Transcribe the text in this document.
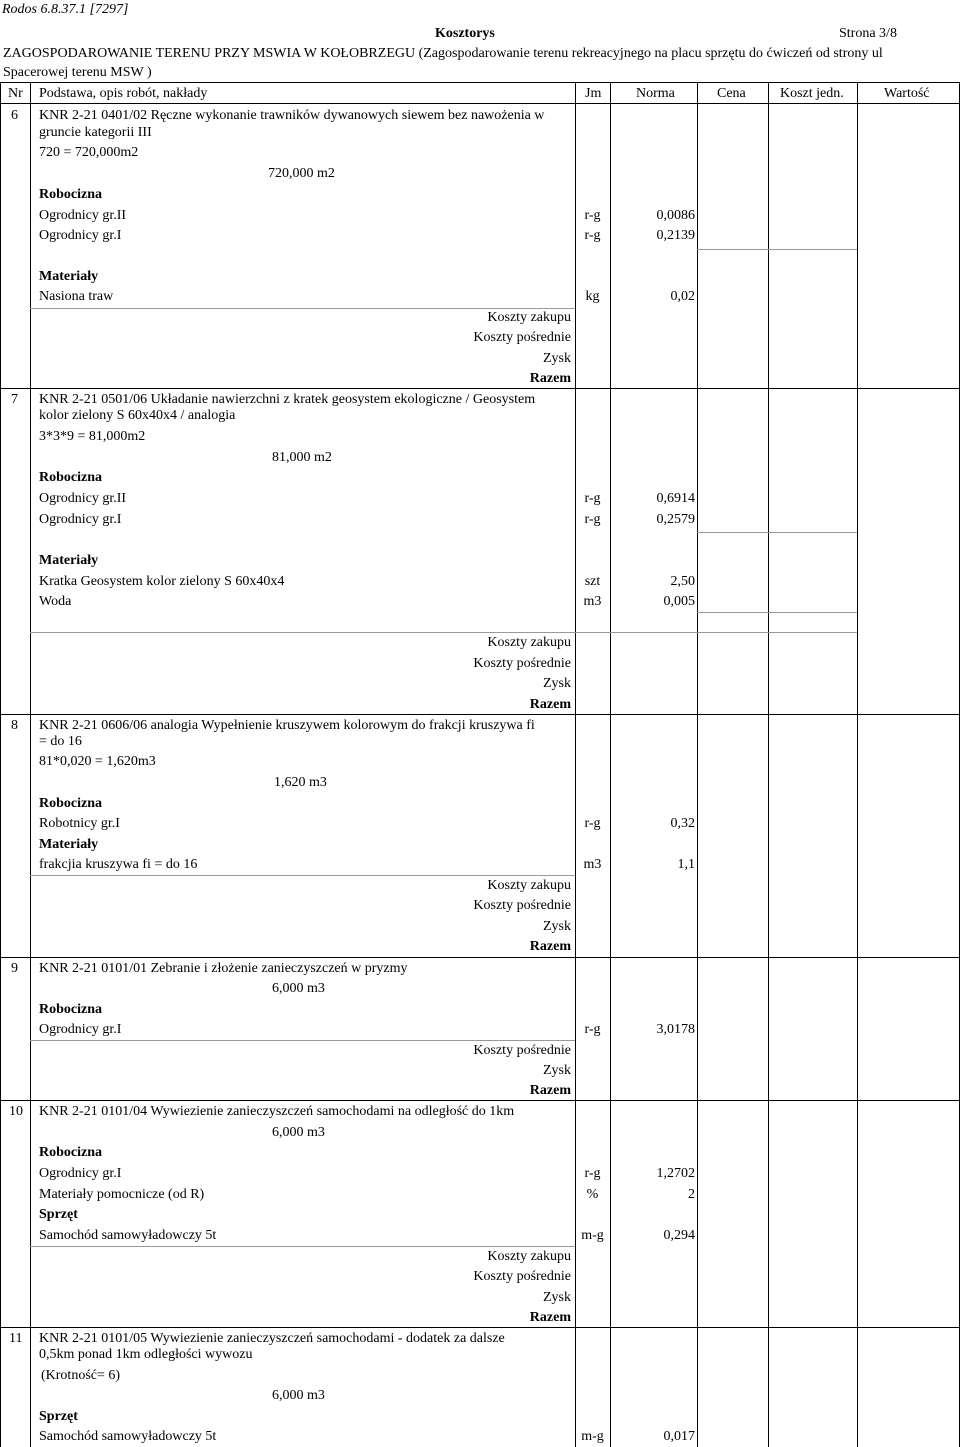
Rodos 6.8.37.1 [7297]
Kosztorys	Strona 3/8
ZAGOSPODAROWANIE TERENU PRZY MSWIA W KOŁOBRZEGU (Zagospodarowanie terenu rekreacyjnego na placu sprzętu do ćwiczeń od strony ul
Spacerowej terenu MSW )
Nr Podstawa, opis robót, nakłady	Jm Norma	Cena Koszt jedn.	Wartość
6 KNR 2-21 0401/02 Ręczne wykonanie trawników dywanowych siewem bez nawożenia w
gruncie kategorii III
720 = 720,000m2
720,000 m2
Robocizna
Ogrodnicy gr.II	r-g	0,0086
Ogrodnicy gr.I	r-g	0,2139
Materiały
Nasiona traw	kg	0,02
Koszty zakupu
Koszty pośrednie
Zysk
Razem
7 KNR 2-21 0501/06 Układanie nawierzchni z kratek geosystem ekologiczne / Geosystem
kolor zielony S 60x40x4 / analogia
3*3*9 = 81,000m2
81,000 m2
Robocizna
Ogrodnicy gr.II	r-g	0,6914
Ogrodnicy gr.I	r-g	0,2579
Materiały
Kratka Geosystem kolor zielony S 60x40x4	szt	2,50
Woda	m3	0,005
Koszty zakupu
Koszty pośrednie
Zysk
Razem
8 KNR 2-21 0606/06 analogia Wypełnienie kruszywem kolorowym do frakcji kruszywa fi
= do 16
81*0,020 = 1,620m3
1,620 m3
Robocizna
Robotnicy gr.I	r-g	0,32
Materiały
frakcjia kruszywa fi = do 16	m3	1,1
Koszty zakupu
Koszty pośrednie
Zysk
Razem
9 KNR 2-21 0101/01 Zebranie i złożenie zanieczyszczeń w pryzmy
6,000 m3
Robocizna
Ogrodnicy gr.I	r-g	3,0178
Koszty pośrednie
Zysk
Razem
10 KNR 2-21 0101/04 Wywiezienie zanieczyszczeń samochodami na odległość do 1km
6,000 m3
Robocizna
Ogrodnicy gr.I	r-g	1,2702
Materiały pomocnicze (od R)	%	2
Sprzęt
Samochód samowyładowczy 5t	m-g	0,294
Koszty zakupu
Koszty pośrednie
Zysk
Razem
11 KNR 2-21 0101/05 Wywiezienie zanieczyszczeń samochodami - dodatek za dalsze
0,5km ponad 1km odległości wywozu
(Krotność= 6)
6,000 m3
Sprzęt
Samochód samowyładowczy 5t	m-g	0,017
